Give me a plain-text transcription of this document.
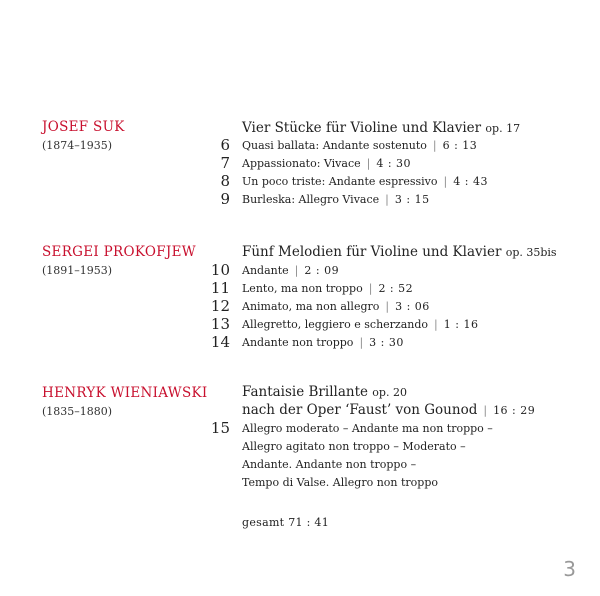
JOSEF SUK
(1874–1935)
Vier Stücke für Violine und Klavier op. 17
6 Quasi ballata: Andante sostenuto | 6 : 13
7 Appassionato: Vivace | 4 : 30
8 Un poco triste: Andante espressivo | 4 : 43
9 Burleska: Allegro Vivace | 3 : 15
SERGEI PROKOFJEW
(1891–1953)
Fünf Melodien für Violine und Klavier op. 35bis
10 Andante | 2 : 09
11 Lento, ma non troppo | 2 : 52
12 Animato, ma non allegro | 3 : 06
13 Allegretto, leggiero e scherzando | 1 : 16
14 Andante non troppo | 3 : 30
HENRYK WIENIAWSKI
(1835–1880)
Fantaisie Brillante op. 20
nach der Oper ‘Faust’ von Gounod | 16 : 29
15 Allegro moderato – Andante ma non troppo –
Allegro agitato non troppo – Moderato –
Andante. Andante non troppo –
Tempo di Valse. Allegro non troppo
gesamt 71 : 41
3
